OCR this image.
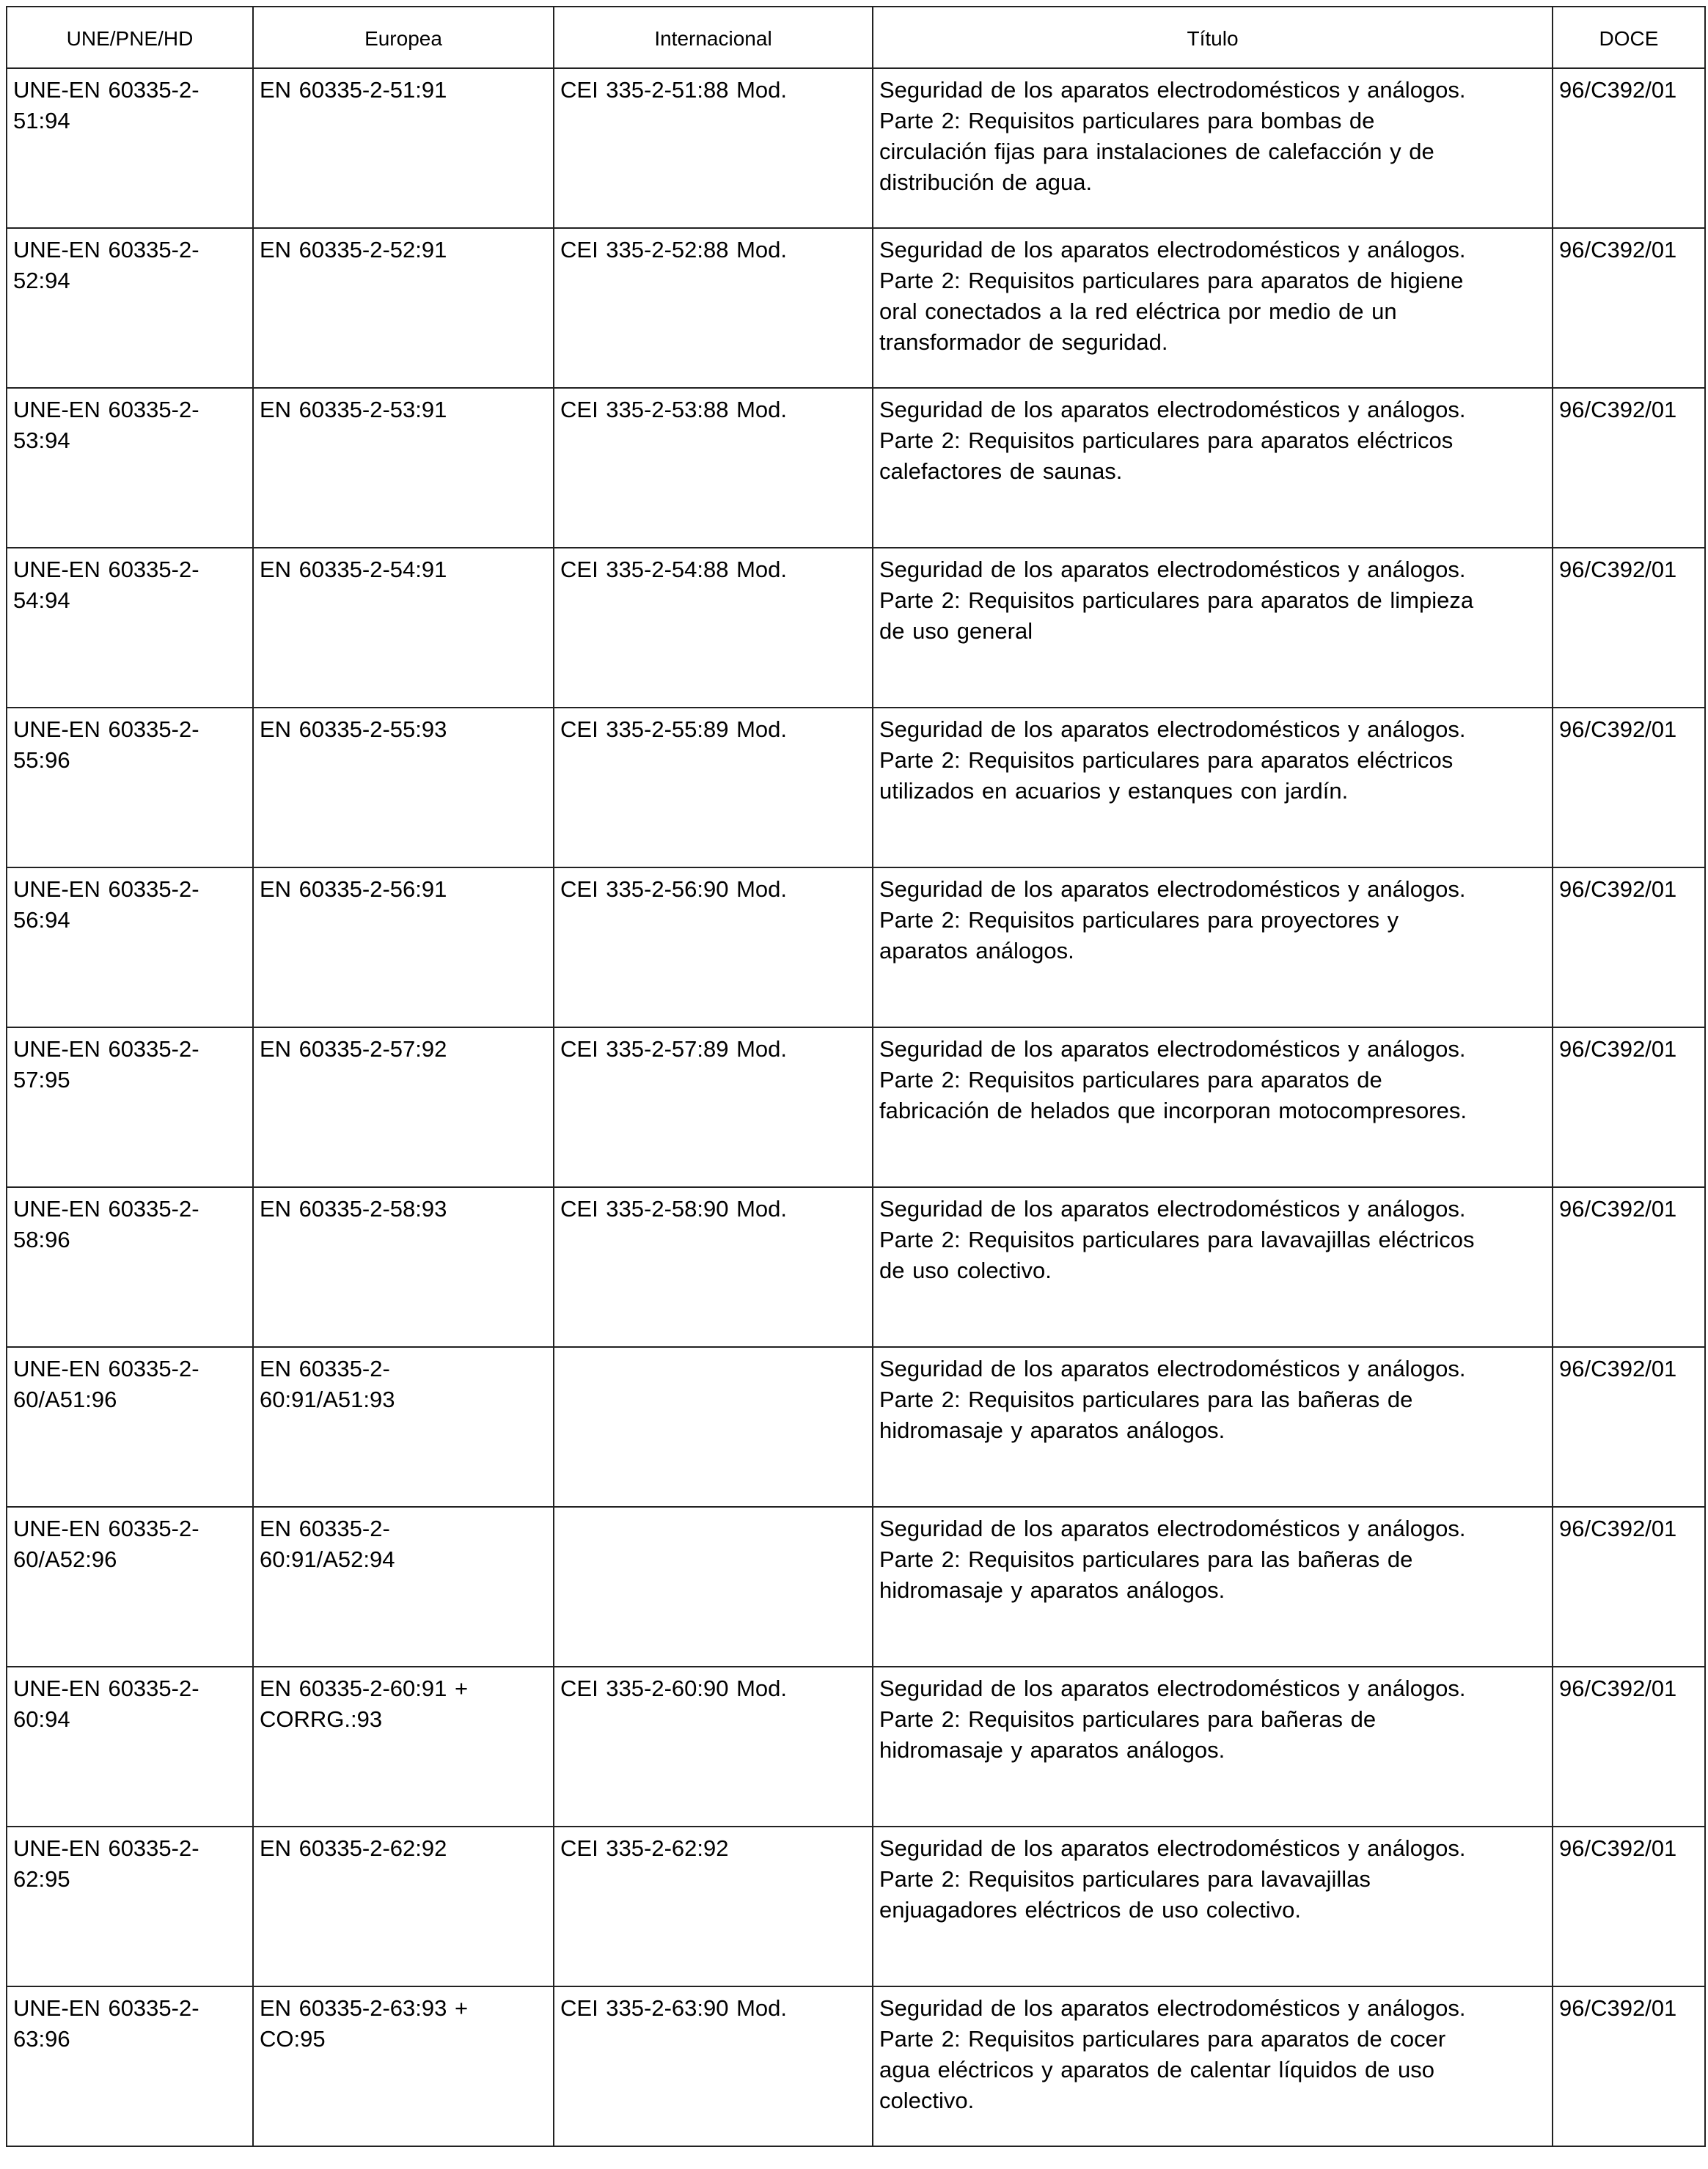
UNE/PNE/HD	Europea	Internacional	Título	DOCE
UNE-EN 60335-2-
51:94	EN 60335-2-51:91	CEI 335-2-51:88 Mod.	Seguridad de los aparatos electrodomésticos y análogos.
Parte 2: Requisitos particulares para bombas de
circulación fijas para instalaciones de calefacción y de
distribución de agua.	96/C392/01
UNE-EN 60335-2-
52:94	EN 60335-2-52:91	CEI 335-2-52:88 Mod.	Seguridad de los aparatos electrodomésticos y análogos.
Parte 2: Requisitos particulares para aparatos de higiene
oral conectados a la red eléctrica por medio de un
transformador de seguridad.	96/C392/01
UNE-EN 60335-2-
53:94	EN 60335-2-53:91	CEI 335-2-53:88 Mod.	Seguridad de los aparatos electrodomésticos y análogos.
Parte 2: Requisitos particulares para aparatos eléctricos
calefactores de saunas.	96/C392/01
UNE-EN 60335-2-
54:94	EN 60335-2-54:91	CEI 335-2-54:88 Mod.	Seguridad de los aparatos electrodomésticos y análogos.
Parte 2: Requisitos particulares para aparatos de limpieza
de uso general	96/C392/01
UNE-EN 60335-2-
55:96	EN 60335-2-55:93	CEI 335-2-55:89 Mod.	Seguridad de los aparatos electrodomésticos y análogos.
Parte 2: Requisitos particulares para aparatos eléctricos
utilizados en acuarios y estanques con jardín.	96/C392/01
UNE-EN 60335-2-
56:94	EN 60335-2-56:91	CEI 335-2-56:90 Mod.	Seguridad de los aparatos electrodomésticos y análogos.
Parte 2: Requisitos particulares para proyectores y
aparatos análogos.	96/C392/01
UNE-EN 60335-2-
57:95	EN 60335-2-57:92	CEI 335-2-57:89 Mod.	Seguridad de los aparatos electrodomésticos y análogos.
Parte 2: Requisitos particulares para aparatos de
fabricación de helados que incorporan motocompresores.	96/C392/01
UNE-EN 60335-2-
58:96	EN 60335-2-58:93	CEI 335-2-58:90 Mod.	Seguridad de los aparatos electrodomésticos y análogos.
Parte 2: Requisitos particulares para lavavajillas eléctricos
de uso colectivo.	96/C392/01
UNE-EN 60335-2-
60/A51:96	EN 60335-2-
60:91/A51:93		Seguridad de los aparatos electrodomésticos y análogos.
Parte 2: Requisitos particulares para las bañeras de
hidromasaje y aparatos análogos.	96/C392/01
UNE-EN 60335-2-
60/A52:96	EN 60335-2-
60:91/A52:94		Seguridad de los aparatos electrodomésticos y análogos.
Parte 2: Requisitos particulares para las bañeras de
hidromasaje y aparatos análogos.	96/C392/01
UNE-EN 60335-2-
60:94	EN 60335-2-60:91 +
CORRG.:93	CEI 335-2-60:90 Mod.	Seguridad de los aparatos electrodomésticos y análogos.
Parte 2: Requisitos particulares para bañeras de
hidromasaje y aparatos análogos.	96/C392/01
UNE-EN 60335-2-
62:95	EN 60335-2-62:92	CEI 335-2-62:92	Seguridad de los aparatos electrodomésticos y análogos.
Parte 2: Requisitos particulares para lavavajillas
enjuagadores eléctricos de uso colectivo.	96/C392/01
UNE-EN 60335-2-
63:96	EN 60335-2-63:93 +
CO:95	CEI 335-2-63:90 Mod.	Seguridad de los aparatos electrodomésticos y análogos.
Parte 2: Requisitos particulares para aparatos de cocer
agua eléctricos y aparatos de calentar líquidos de uso
colectivo.	96/C392/01
